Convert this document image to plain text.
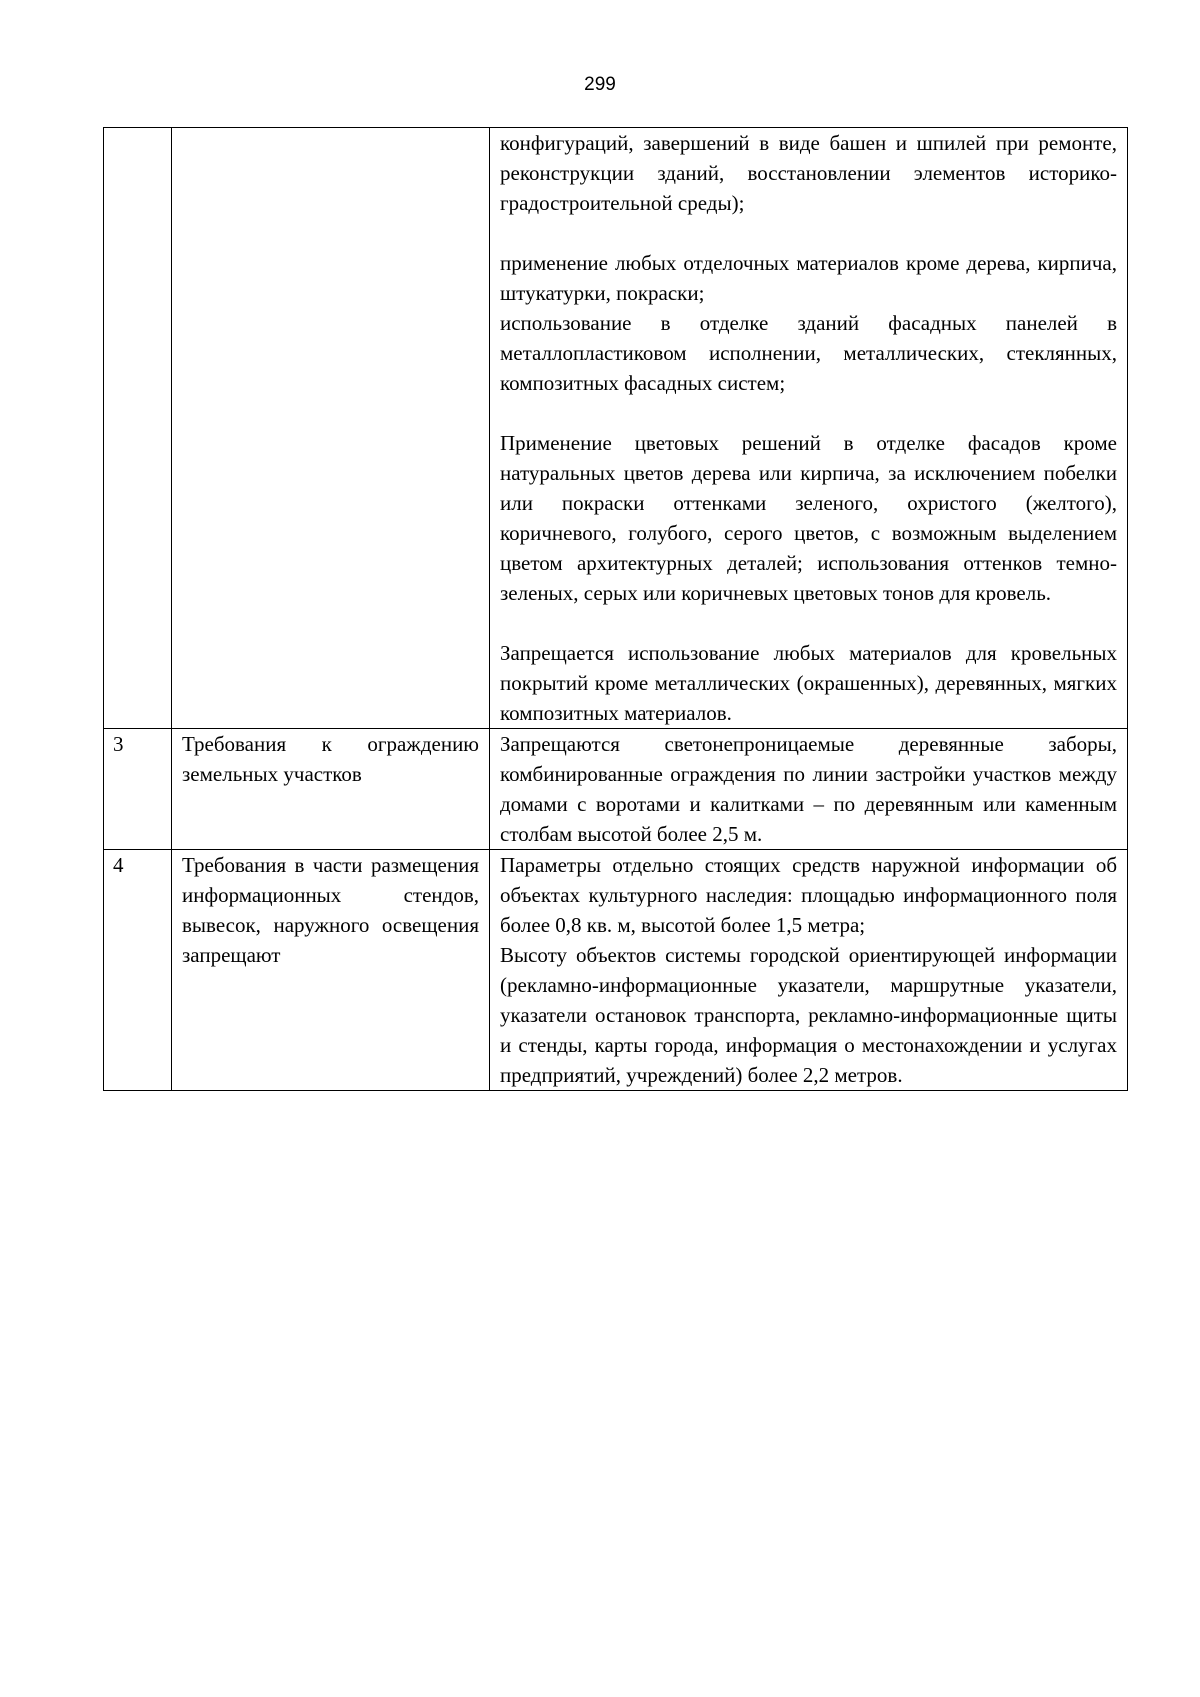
299

		конфигураций, завершений в виде башен и шпилей при ремонте, реконструкции зданий, восстановлении элементов историко-градостроительной среды);

применение любых отделочных материалов кроме дерева, кирпича, штукатурки, покраски;

использование в отделке зданий фасадных панелей в металлопластиковом исполнении, металлических, стеклянных, композитных фасадных систем;

Применение цветовых решений в отделке фасадов кроме натуральных цветов дерева или кирпича, за исключением побелки или покраски оттенками зеленого, охристого (желтого), коричневого, голубого, серого цветов, с возможным выделением цветом архитектурных деталей; использования оттенков темно-зеленых, серых или коричневых цветовых тонов для кровель.

Запрещается использование любых материалов для кровельных покрытий кроме металлических (окрашенных), деревянных, мягких композитных материалов.

3	Требования к ограждению земельных участков	Запрещаются светонепроницаемые деревянные заборы, комбинированные ограждения по линии застройки участков между домами с воротами и калитками – по деревянным или каменным столбам высотой более 2,5 м.

4	Требования в части размещения информационных стендов, вывесок, наружного освещения запрещают	Параметры отдельно стоящих средств наружной информации об объектах культурного наследия: площадью информационного поля более 0,8 кв. м, высотой более 1,5 метра;

Высоту объектов системы городской ориентирующей информации (рекламно-информационные указатели, маршрутные указатели, указатели остановок транспорта, рекламно-информационные щиты и стенды, карты города, информация о местонахождении и услугах предприятий, учреждений) более 2,2 метров.
